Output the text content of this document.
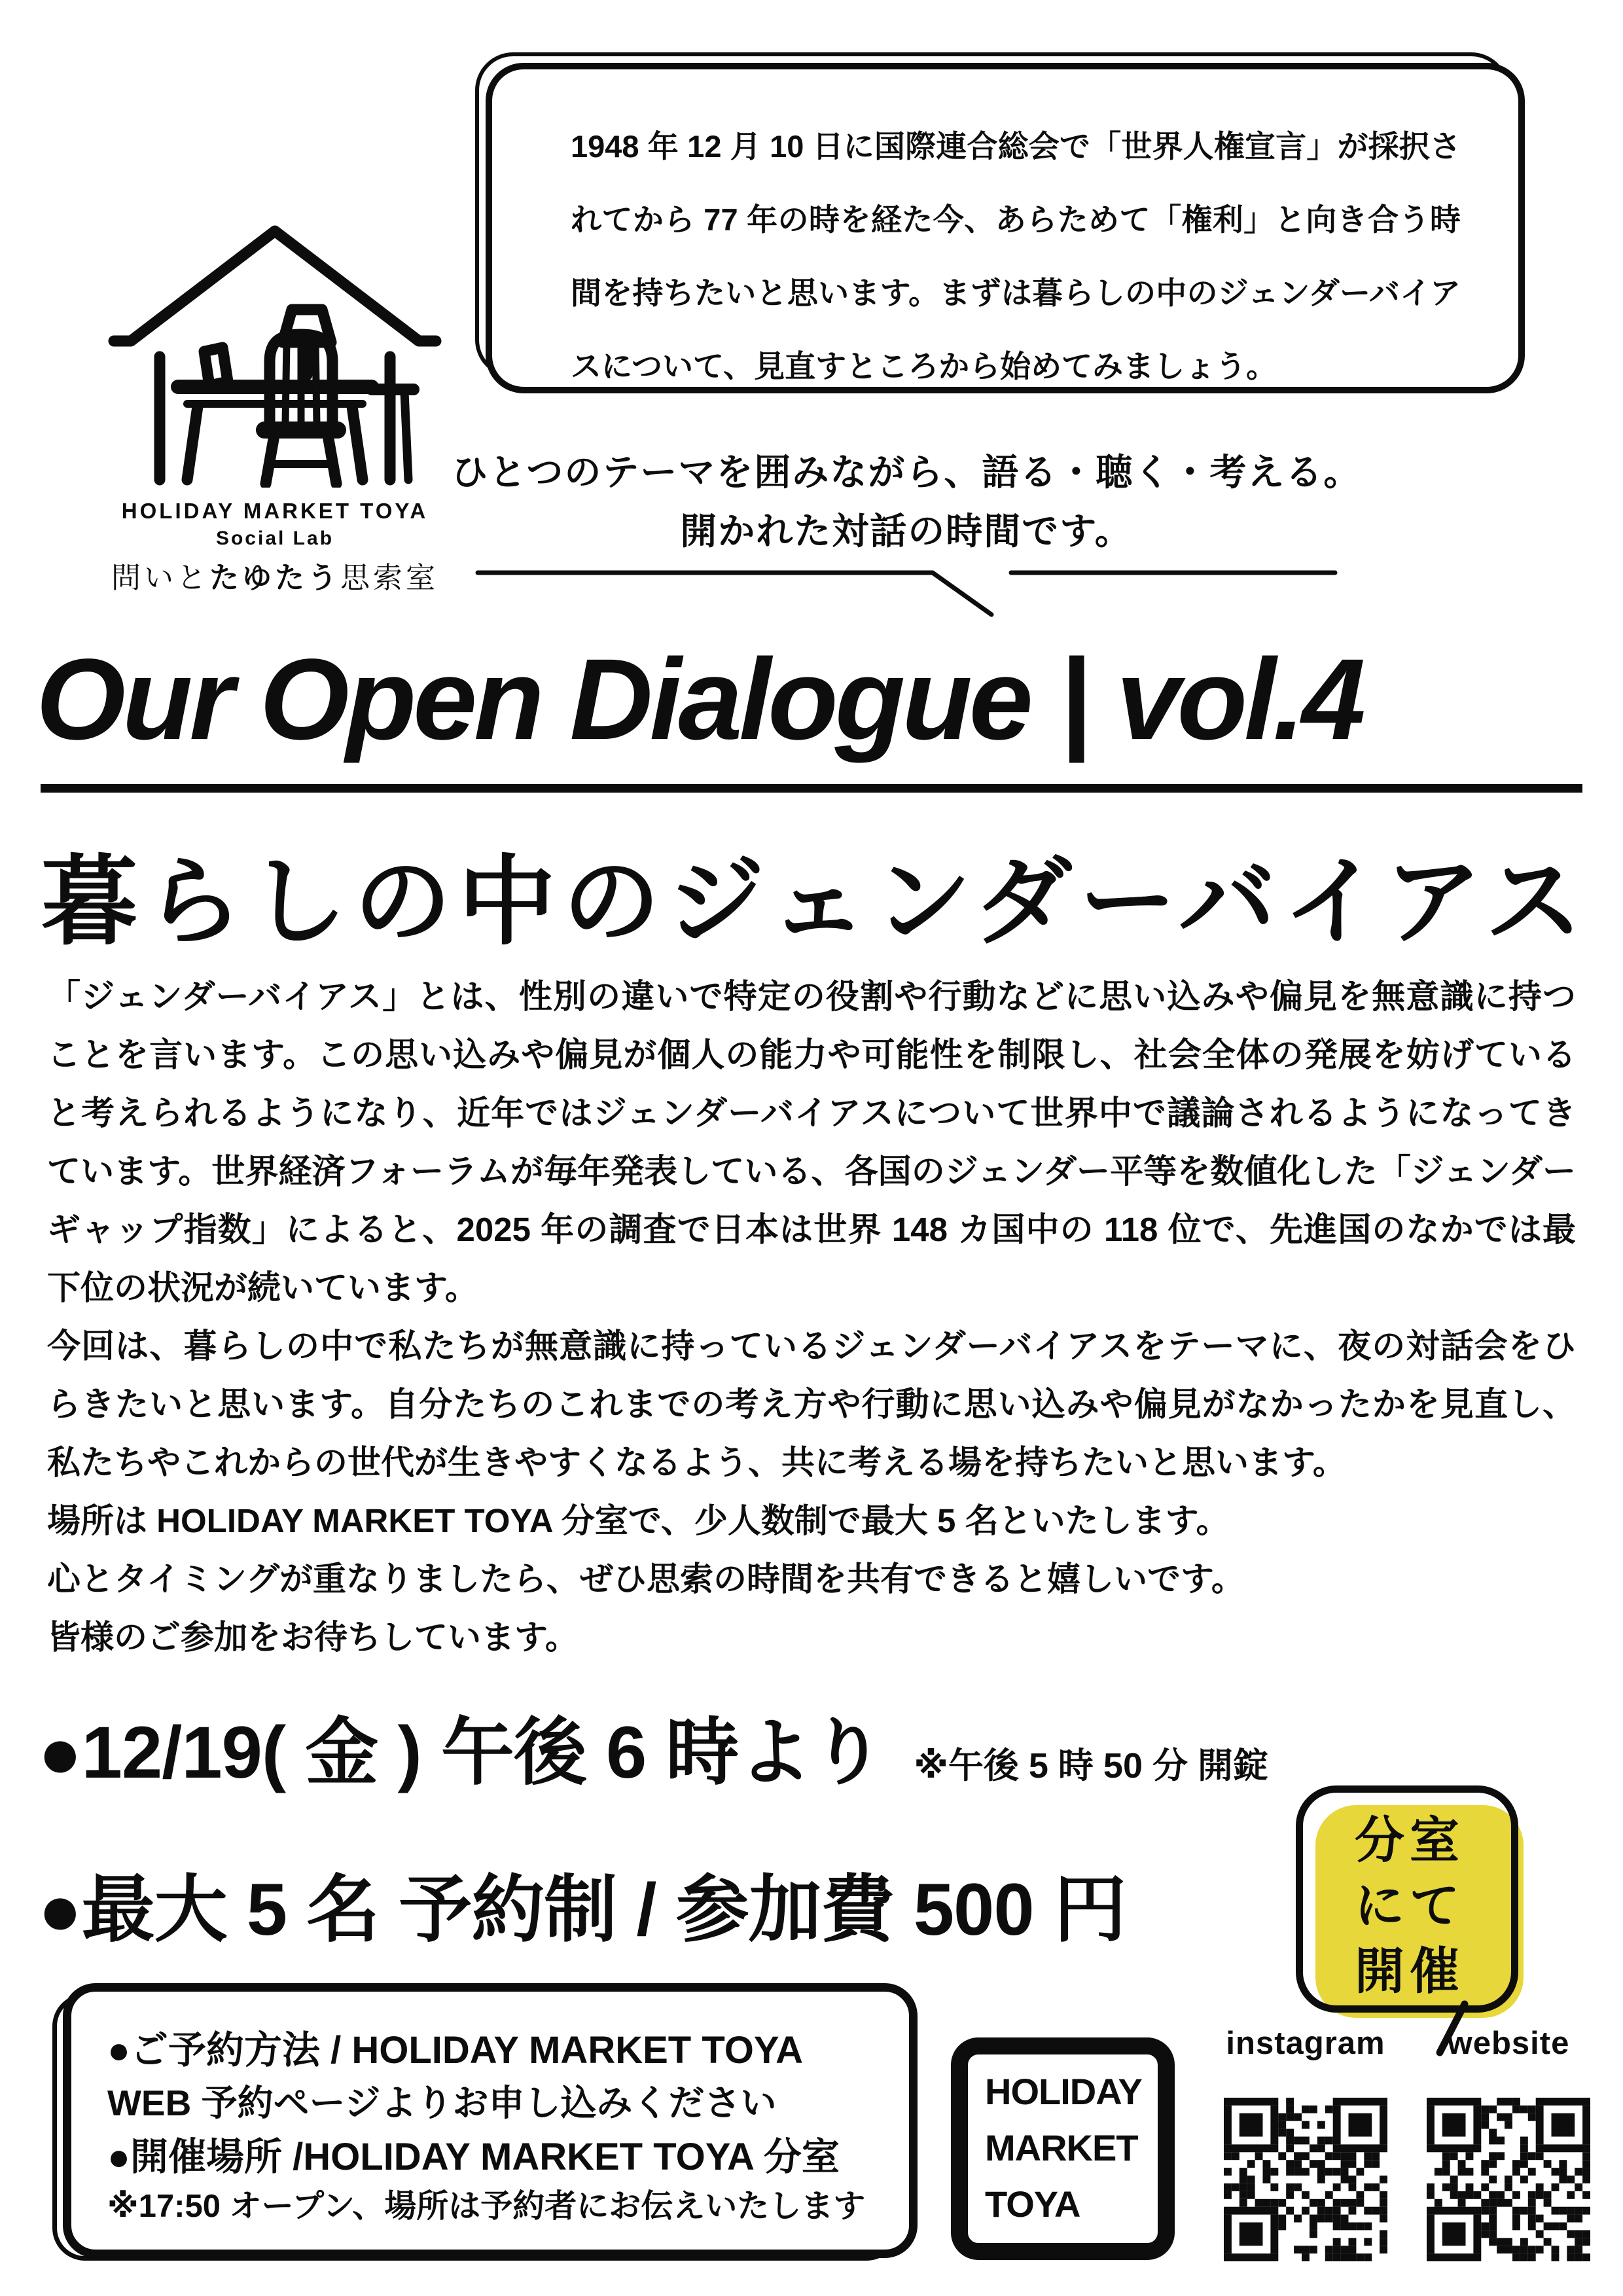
1948 年 12 月 10 日に国際連合総会で「世界人権宣言」が採択さ
れてから 77 年の時を経た今、あらためて「権利」と向き合う時
間を持ちたいと思います。まずは暮らしの中のジェンダーバイア
スについて、見直すところから始めてみましょう。
HOLIDAY MARKET TOYA
Social Lab
問いとたゆたう思索室
ひとつのテーマを囲みながら、語る・聴く・考える。
開かれた対話の時間です。
Our Open Dialogue | vol.4
暮らしの中のジェンダーバイアス
「ジェンダーバイアス」とは、性別の違いで特定の役割や行動などに思い込みや偏見を無意識に持つ
ことを言います。この思い込みや偏見が個人の能力や可能性を制限し、社会全体の発展を妨げている
と考えられるようになり、近年ではジェンダーバイアスについて世界中で議論されるようになってき
ています。世界経済フォーラムが毎年発表している、各国のジェンダー平等を数値化した「ジェンダー
ギャップ指数」によると、2025 年の調査で日本は世界 148 カ国中の 118 位で、先進国のなかでは最
下位の状況が続いています。
今回は、暮らしの中で私たちが無意識に持っているジェンダーバイアスをテーマに、夜の対話会をひ
らきたいと思います。自分たちのこれまでの考え方や行動に思い込みや偏見がなかったかを見直し、
私たちやこれからの世代が生きやすくなるよう、共に考える場を持ちたいと思います。
場所は HOLIDAY MARKET TOYA 分室で、少人数制で最大 5 名といたします。
心とタイミングが重なりましたら、ぜひ思索の時間を共有できると嬉しいです。
皆様のご参加をお待ちしています。
●12/19( 金 ) 午後 6 時より ※午後 5 時 50 分 開錠
●最大 5 名 予約制 / 参加費 500 円
分室
にて
開催
●ご予約方法 / HOLIDAY MARKET TOYA
WEB 予約ページよりお申し込みください
●開催場所 /HOLIDAY MARKET TOYA 分室
※17:50 オープン、場所は予約者にお伝えいたします
HOLIDAY
MARKET
TOYA
instagram	website
